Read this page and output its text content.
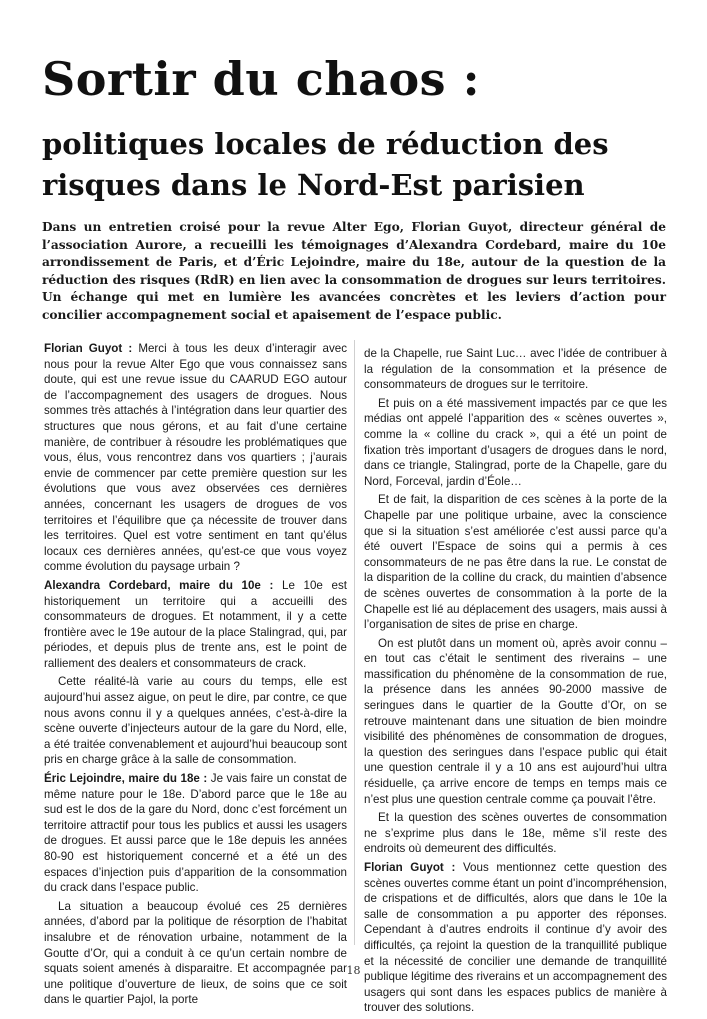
Sortir du chaos :
politiques locales de réduction des risques dans le Nord-Est parisien

Dans un entretien croisé pour la revue Alter Ego, Florian Guyot, directeur général de l’association Aurore, a recueilli les témoignages d’Alexandra Cordebard, maire du 10e arrondissement de Paris, et d’Éric Lejoindre, maire du 18e, autour de la question de la réduction des risques (RdR) en lien avec la consommation de drogues sur leurs territoires. Un échange qui met en lumière les avancées concrètes et les leviers d’action pour concilier accompagnement social et apaisement de l’espace public.

Florian Guyot : Merci à tous les deux d’interagir avec nous pour la revue Alter Ego que vous connaissez sans doute, qui est une revue issue du CAARUD EGO autour de l’accompagnement des usagers de drogues. Nous sommes très attachés à l’intégration dans leur quartier des structures que nous gérons, et au fait d’une certaine manière, de contribuer à résoudre les problématiques que vous, élus, vous rencontrez dans vos quartiers ; j’aurais envie de commencer par cette première question sur les évolutions que vous avez observées ces dernières années, concernant les usagers de drogues de vos territoires et l’équilibre que ça nécessite de trouver dans les territoires. Quel est votre sentiment en tant qu’élus locaux ces dernières années, qu’est-ce que vous voyez comme évolution du paysage urbain ?

Alexandra Cordebard, maire du 10e : Le 10e est historiquement un territoire qui a accueilli des consommateurs de drogues. Et notamment, il y a cette frontière avec le 19e autour de la place Stalingrad, qui, par périodes, et depuis plus de trente ans, est le point de ralliement des dealers et consommateurs de crack.

Cette réalité-là varie au cours du temps, elle est aujourd’hui assez aigue, on peut le dire, par contre, ce que nous avons connu il y a quelques années, c’est-à-dire la scène ouverte d’injecteurs autour de la gare du Nord, elle, a été traitée convenablement et aujourd’hui beaucoup sont pris en charge grâce à la salle de consommation.

Éric Lejoindre, maire du 18e : Je vais faire un constat de même nature pour le 18e. D’abord parce que le 18e au sud est le dos de la gare du Nord, donc c’est forcément un territoire attractif pour tous les publics et aussi les usagers de drogues. Et aussi parce que le 18e depuis les années 80-90 est historiquement concerné et a été un des espaces d’injection puis d’apparition de la consommation du crack dans l’espace public.

La situation a beaucoup évolué ces 25 dernières années, d’abord par la politique de résorption de l’habitat insalubre et de rénovation urbaine, notamment de la Goutte d’Or, qui a conduit à ce qu’un certain nombre de squats soient amenés à disparaitre. Et accompagnée par une politique d’ouverture de lieux, de soins que ce soit dans le quartier Pajol, la porte

de la Chapelle, rue Saint Luc… avec l’idée de contribuer à la régulation de la consommation et la présence de consommateurs de drogues sur le territoire.

Et puis on a été massivement impactés par ce que les médias ont appelé l’apparition des « scènes ouvertes », comme la « colline du crack », qui a été un point de fixation très important d’usagers de drogues dans le nord, dans ce triangle, Stalingrad, porte de la Chapelle, gare du Nord, Forceval, jardin d’Éole…

Et de fait, la disparition de ces scènes à la porte de la Chapelle par une politique urbaine, avec la conscience que si la situation s’est améliorée c’est aussi parce qu’a été ouvert l’Espace de soins qui a permis à ces consommateurs de ne pas être dans la rue. Le constat de la disparition de la colline du crack, du maintien d’absence de scènes ouvertes de consommation à la porte de la Chapelle est lié au déplacement des usagers, mais aussi à l’organisation de sites de prise en charge.

On est plutôt dans un moment où, après avoir connu – en tout cas c’était le sentiment des riverains – une massification du phénomène de la consommation de rue, la présence dans les années 90-2000 massive de seringues dans le quartier de la Goutte d’Or, on se retrouve maintenant dans une situation de bien moindre visibilité des phénomènes de consommation de drogues, la question des seringues dans l’espace public qui était une question centrale il y a 10 ans est aujourd’hui ultra résiduelle, ça arrive encore de temps en temps mais ce n’est plus une question centrale comme ça pouvait l’être.

Et la question des scènes ouvertes de consommation ne s’exprime plus dans le 18e, même s’il reste des endroits où demeurent des difficultés.

Florian Guyot : Vous mentionnez cette question des scènes ouvertes comme étant un point d’incompréhension, de crispations et de difficultés, alors que dans le 10e la salle de consommation a pu apporter des réponses. Cependant à d’autres endroits il continue d’y avoir des difficultés, ça rejoint la question de la tranquillité publique et la nécessité de concilier une demande de tranquillité publique légitime des riverains et un accompagnement des usagers qui sont dans les espaces publics de manière à trouver des solutions.

18
